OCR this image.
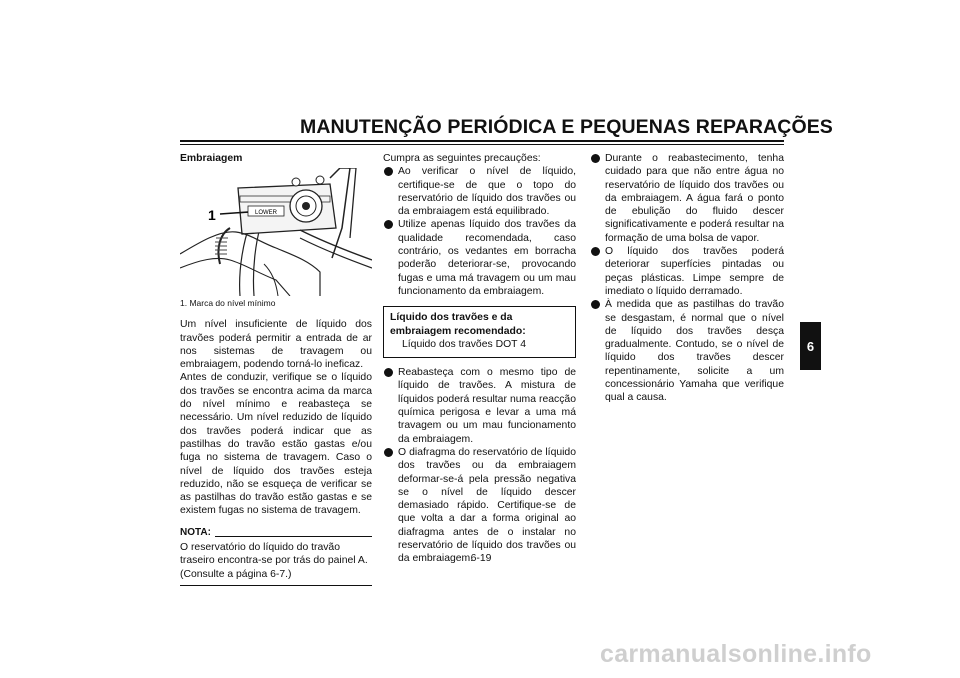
MANUTENÇÃO PERIÓDICA E PEQUENAS REPARAÇÕES
6
Embraiagem
LOWER
1
1. Marca do nível mínimo

Um nível insuficiente de líquido dos travões poderá permitir a entrada de ar nos sistemas de travagem ou embraiagem, podendo torná-lo ineficaz.

Antes de conduzir, verifique se o líquido dos travões se encontra acima da marca do nível mínimo e reabasteça se necessário. Um nível reduzido de líquido dos travões poderá indicar que as pastilhas do travão estão gastas e/ou fuga no sistema de travagem. Caso o nível de líquido dos travões esteja reduzido, não se esqueça de verificar se as pastilhas do travão estão gastas e se existem fugas no sistema de travagem.

NOTA:

O reservatório do líquido do travão traseiro encontra-se por trás do painel A. (Consulte a página 6-7.)

Cumpra as seguintes precauções:

Ao verificar o nível de líquido, certifique-se de que o topo do reservatório de líquido dos travões ou da embraiagem está equilibrado.
Utilize apenas líquido dos travões da qualidade recomendada, caso contrário, os vedantes em borracha poderão deteriorar-se, provocando fugas e uma má travagem ou um mau funcionamento da embraiagem.

Líquido dos travões e da embraiagem recomendado:

Líquido dos travões DOT 4

Reabasteça com o mesmo tipo de líquido de travões. A mistura de líquidos poderá resultar numa reacção química perigosa e levar a uma má travagem ou um mau funcionamento da embraiagem.
O diafragma do reservatório de líquido dos travões ou da embraiagem deformar-se-á pela pressão negativa se o nível de líquido descer demasiado rápido. Certifique-se de que volta a dar a forma original ao diafragma antes de o instalar no reservatório de líquido dos travões ou da embraiagem.
Durante o reabastecimento, tenha cuidado para que não entre água no reservatório de líquido dos travões ou da embraiagem. A água fará o ponto de ebulição do fluido descer significativamente e poderá resultar na formação de uma bolsa de vapor.
O líquido dos travões poderá deteriorar superfícies pintadas ou peças plásticas. Limpe sempre de imediato o líquido derramado.
À medida que as pastilhas do travão se desgastam, é normal que o nível de líquido dos travões desça gradualmente. Contudo, se o nível de líquido dos travões descer repentinamente, solicite a um concessionário Yamaha que verifique qual a causa.
6-19
carmanualsonline.info
